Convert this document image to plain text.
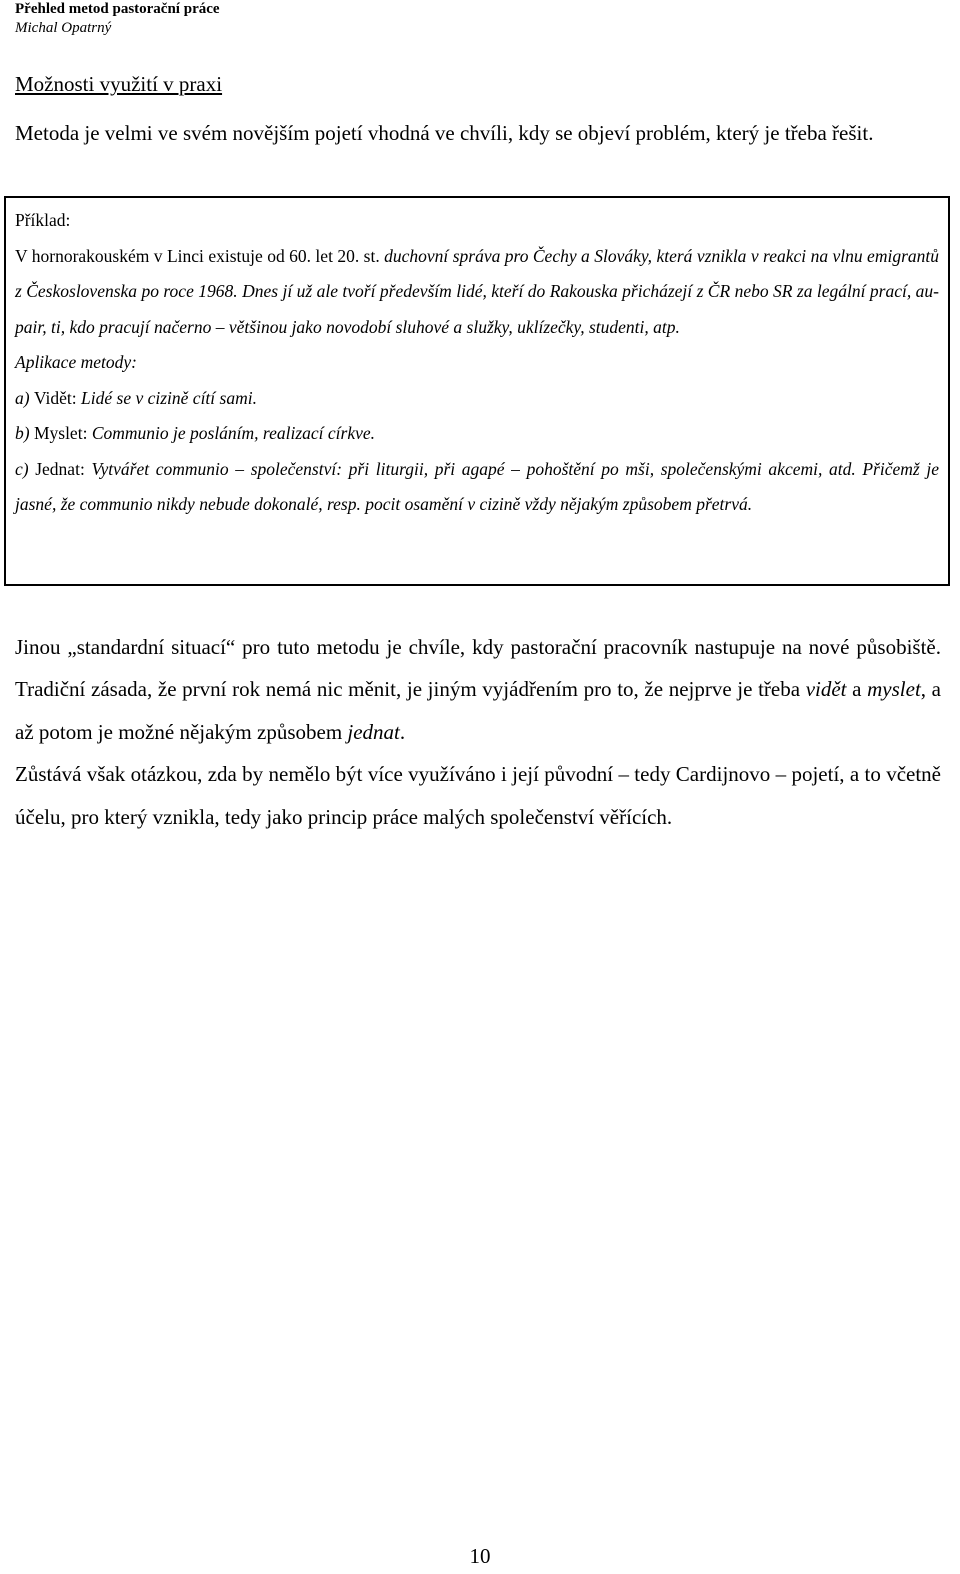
Přehled metod pastorační práce
Michal Opatrný
Možnosti využití v praxi

Metoda je velmi ve svém novějším pojetí vhodná ve chvíli, kdy se objeví problém, který je třeba řešit.

Příklad:

V hornorakouském v Linci existuje od 60. let 20. st. duchovní správa pro Čechy a Slováky, která vznikla v reakci na vlnu emigrantů z Československa po roce 1968. Dnes jí už ale tvoří především lidé, kteří do Rakouska přicházejí z ČR nebo SR za legální prací, au-pair, ti, kdo pracují načerno – většinou jako novodobí sluhové a služky, uklízečky, studenti, atp.

Aplikace metody:

a) Vidět: Lidé se v cizině cítí sami.

b) Myslet: Communio je posláním, realizací církve.

c) Jednat: Vytvářet communio – společenství: při liturgii, při agapé – pohoštění po mši, společenskými akcemi, atd. Přičemž je jasné, že communio nikdy nebude dokonalé, resp. pocit osamění v cizině vždy nějakým způsobem přetrvá.

Jinou „standardní situací“ pro tuto metodu je chvíle, kdy pastorační pracovník nastupuje na nové působiště. Tradiční zásada, že první rok nemá nic měnit, je jiným vyjádřením pro to, že nejprve je třeba vidět a myslet, a až potom je možné nějakým způsobem jednat.

Zůstává však otázkou, zda by nemělo být více využíváno i její původní – tedy Cardijnovo – pojetí, a to včetně účelu, pro který vznikla, tedy jako princip práce malých společenství věřících.

10
